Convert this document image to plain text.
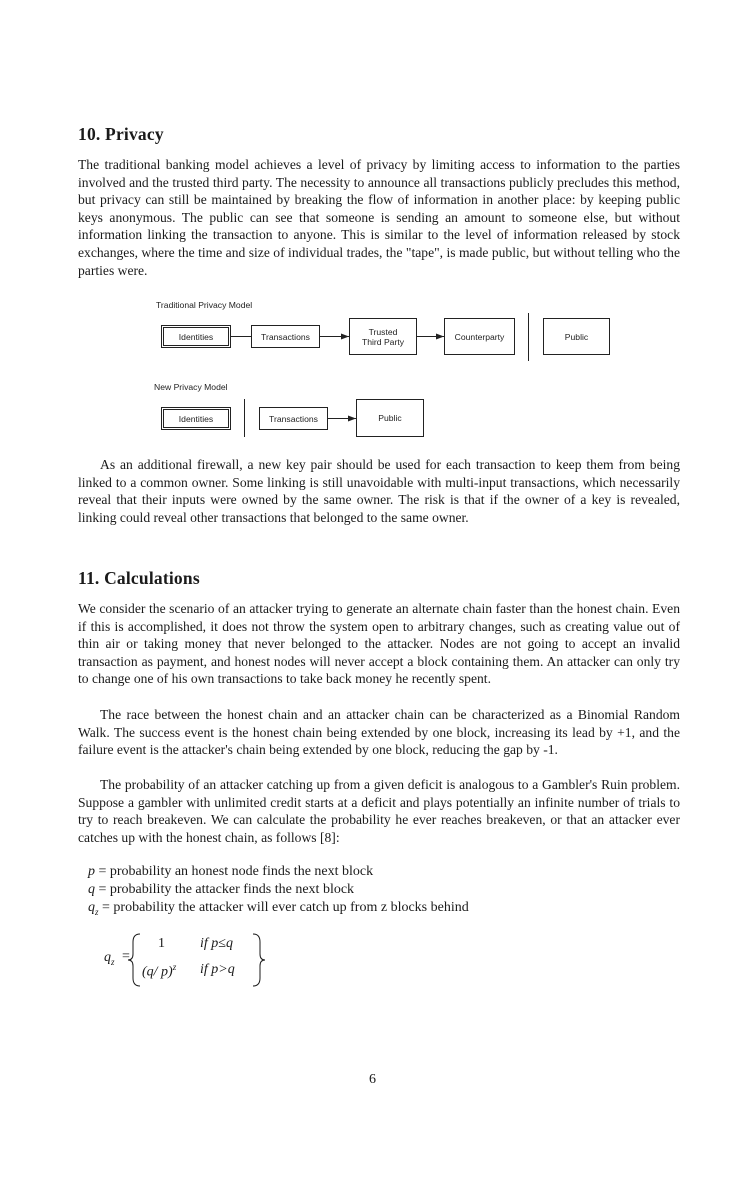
10. Privacy

The traditional banking model achieves a level of privacy by limiting access to information to the parties involved and the trusted third party. The necessity to announce all transactions publicly precludes this method, but privacy can still be maintained by breaking the flow of information in another place: by keeping public keys anonymous. The public can see that someone is sending an amount to someone else, but without information linking the transaction to anyone. This is similar to the level of information released by stock exchanges, where the time and size of individual trades, the "tape", is made public, but without telling who the parties were.

Traditional Privacy Model
Identities	Transactions	Trusted
Third Party	Counterparty	Public
New Privacy Model
Identities	Transactions	Public

As an additional firewall, a new key pair should be used for each transaction to keep them from being linked to a common owner. Some linking is still unavoidable with multi-input transactions, which necessarily reveal that their inputs were owned by the same owner. The risk is that if the owner of a key is revealed, linking could reveal other transactions that belonged to the same owner.

11. Calculations

We consider the scenario of an attacker trying to generate an alternate chain faster than the honest chain. Even if this is accomplished, it does not throw the system open to arbitrary changes, such as creating value out of thin air or taking money that never belonged to the attacker. Nodes are not going to accept an invalid transaction as payment, and honest nodes will never accept a block containing them. An attacker can only try to change one of his own transactions to take back money he recently spent.

The race between the honest chain and an attacker chain can be characterized as a Binomial Random Walk. The success event is the honest chain being extended by one block, increasing its lead by +1, and the failure event is the attacker's chain being extended by one block, reducing the gap by -1.

The probability of an attacker catching up from a given deficit is analogous to a Gambler's Ruin problem. Suppose a gambler with unlimited credit starts at a deficit and plays potentially an infinite number of trials to try to reach breakeven. We can calculate the probability he ever reaches breakeven, or that an attacker ever catches up with the honest chain, as follows [8]:

p = probability an honest node finds the next block
q = probability the attacker finds the next block
$q_z$ = probability the attacker will ever catch up from z blocks behind
$q_z$ =
1	if p≤q
(q/ p)$^z$ if p>q
6
